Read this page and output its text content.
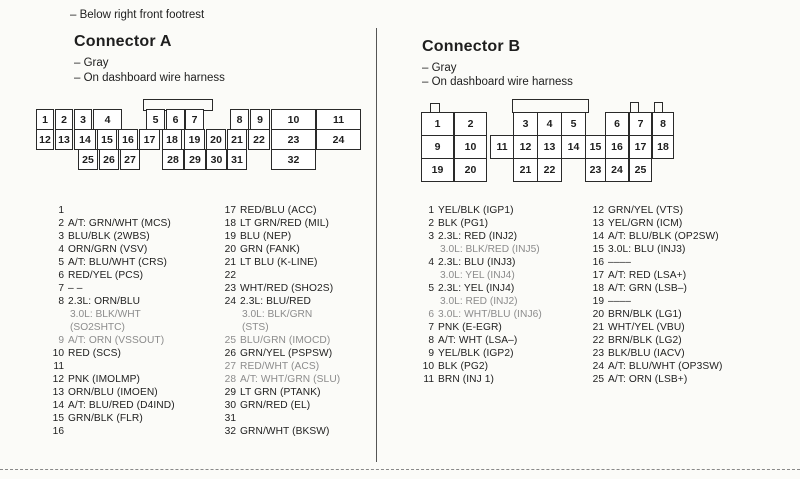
– Below right front footrest
Connector A
– Gray
– On dashboard wire harness
1	2	3	4	5	6	7	8	9	10	11
12 13 14 15 16 17	18	19 20 21 22	23	24
25 26 27	28 29 30 31	32
Connector B
– Gray
– On dashboard wire harness
1	2	3	4	5	6	7	8
9	10	11	12	13	14 15 16	17	18
19	20	21	22	23 24	25
1
2 A/T: GRN/WHT (MCS)
3 BLU/BLK (2WBS)
4 ORN/GRN (VSV)
5 A/T: BLU/WHT (CRS)
6 RED/YEL (PCS)
7 – –
8 2.3L: ORN/BLU
3.0L: BLK/WHT
(SO2SHTC)
9 A/T: ORN (VSSOUT)
10 RED (SCS)
11
12 PNK (IMOLMP)
13 ORN/BLU (IMOEN)
14 A/T: BLU/RED (D4IND)
15 GRN/BLK (FLR)
16
17 RED/BLU (ACC)
18 LT GRN/RED (MIL)
19 BLU (NEP)
20 GRN (FANK)
21 LT BLU (K-LINE)
22
23 WHT/RED (SHO2S)
24 2.3L: BLU/RED
3.0L: BLK/GRN
(STS)
25 BLU/GRN (IMOCD)
26 GRN/YEL (PSPSW)
27 RED/WHT (ACS)
28 A/T: WHT/GRN (SLU)
29 LT GRN (PTANK)
30 GRN/RED (EL)
31
32 GRN/WHT (BKSW)
1 YEL/BLK (IGP1)
2 BLK (PG1)
3 2.3L: RED (INJ2)
3.0L: BLK/RED (INJ5)
4 2.3L: BLU (INJ3)
3.0L: YEL (INJ4)
5 2.3L: YEL (INJ4)
3.0L: RED (INJ2)
6 3.0L: WHT/BLU (INJ6)
7 PNK (E-EGR)
8 A/T: WHT (LSA–)
9 YEL/BLK (IGP2)
10 BLK (PG2)
11 BRN (INJ 1)
12 GRN/YEL (VTS)
13 YEL/GRN (ICM)
14 A/T: BLU/BLK (OP2SW)
15 3.0L: BLU (INJ3)
16 ––––
17 A/T: RED (LSA+)
18 A/T: GRN (LSB–)
19 ––––
20 BRN/BLK (LG1)
21 WHT/YEL (VBU)
22 BRN/BLK (LG2)
23 BLK/BLU (IACV)
24 A/T: BLU/WHT (OP3SW)
25 A/T: ORN (LSB+)
